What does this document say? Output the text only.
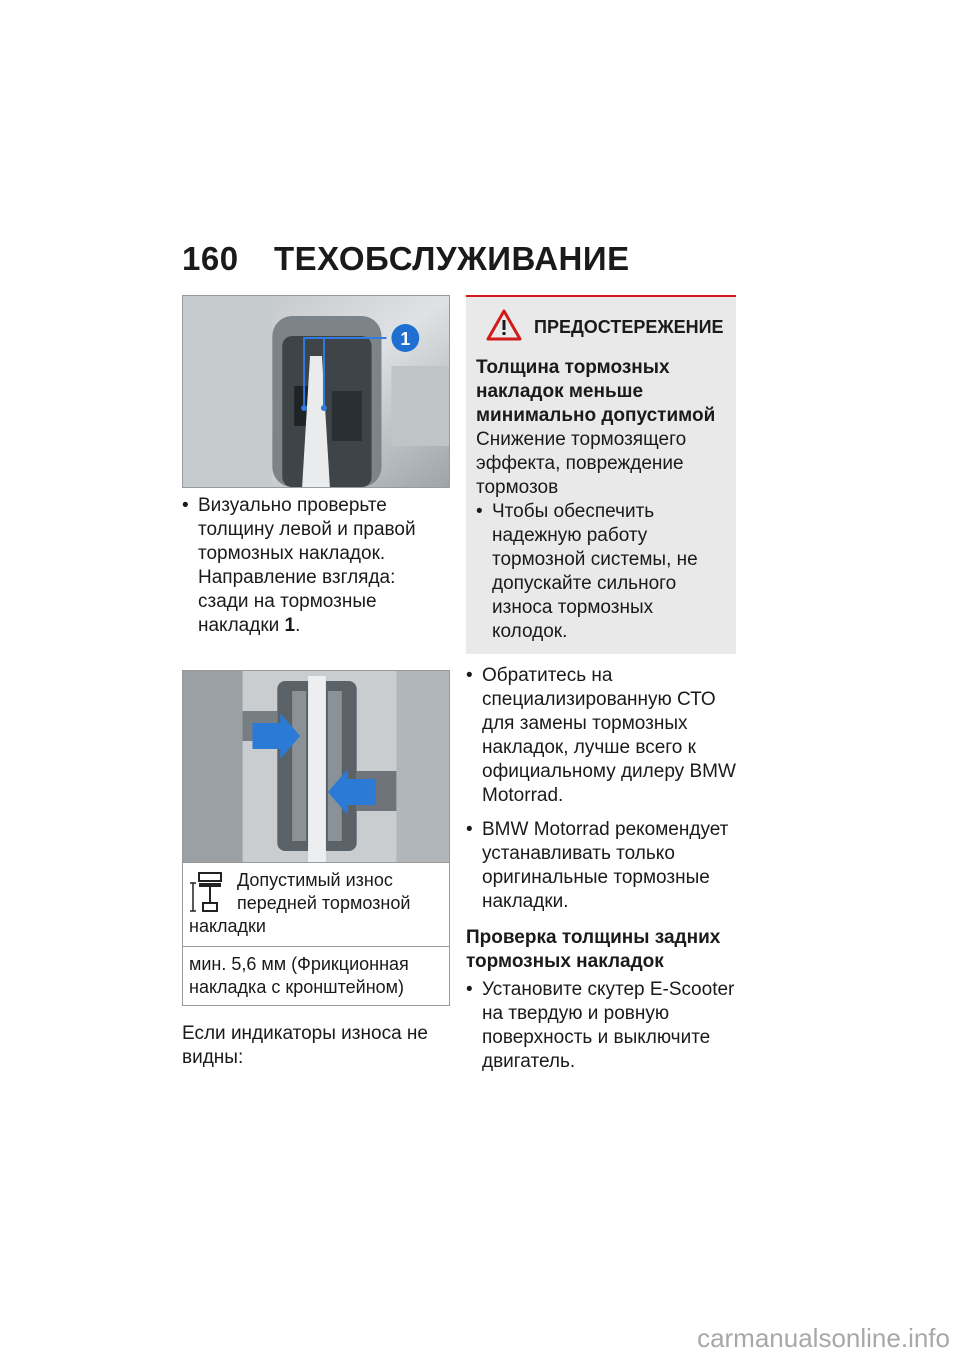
160 ТЕХОБСЛУЖИВАНИЕ
1
• Визуально проверьте толщину левой и правой тормозных накладок. Направление взгляда: сзади на тормозные накладки 1.
Допустимый износ передней тормозной накладки
мин. 5,6 мм (Фрикционная накладка с кронштейном)
Если индикаторы износа не видны:
ПРЕДОСТЕРЕЖЕНИЕ
Толщина тормозных накладок меньше минимально допустимой
Снижение тормозящего эффекта, повреждение тормозов
• Чтобы обеспечить надежную работу тормозной системы, не допускайте сильного износа тормозных колодок.
• Обратитесь на специализированную СТО для замены тормозных накладок, лучше всего к официальному дилеру BMW Motorrad.
• BMW Motorrad рекомендует устанавливать только оригинальные тормозные накладки.
Проверка толщины задних тормозных накладок
• Установите скутер E-Scooter на твердую и ровную поверхность и выключите двигатель.
carmanualsonline.info
